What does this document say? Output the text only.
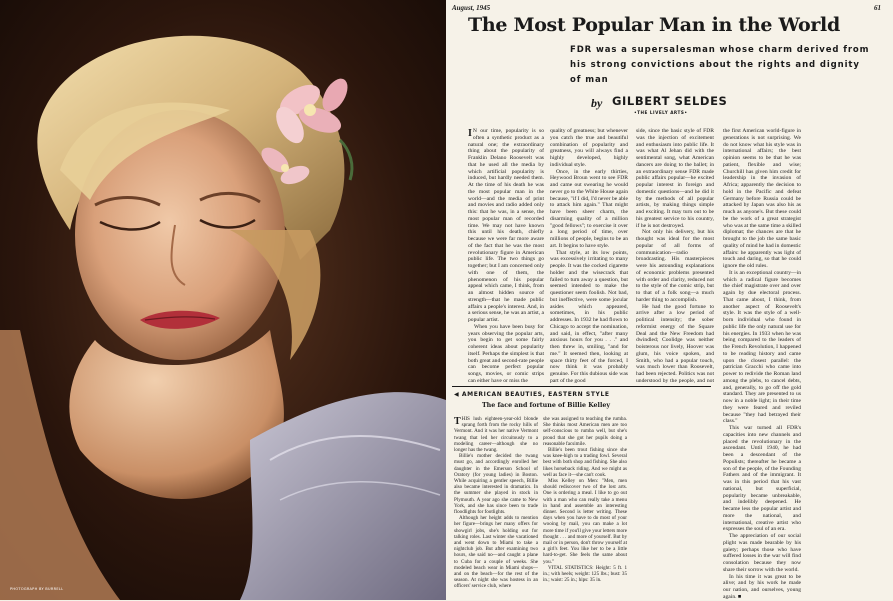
PHOTOGRAPH BY BURRELL
August, 1945	61
The Most Popular Man in the World
FDR was a supersalesman whose charm derived from his strong convictions about the rights and dignity of man
by GILBERT SELDES
•THE LIVELY ARTS•

I N our time, popularity is so often a synthetic product as a natural one; the extraordinary thing about the popularity of Franklin Delano Roosevelt was that he used all the media by which artificial popularity is induced, but hardly needed them. At the time of his death he was the most popular man in the world—and the media of print and movies and radio added only this: that he was, in a sense, the most popular man of recorded time. We may not have known this until his death, chiefly because we were far more aware of the fact that he was the most revolutionary figure in American public life. The two things go together; but I am concerned only with one of them, the phenomenon of his popular appeal which came, I think, from an almost hidden source of strength—that he made public affairs a people's interest. And, in a serious sense, he was an artist, a popular artist.

When you have been busy for years observing the popular arts, you begin to get some fairly coherent ideas about popularity itself. Perhaps the simplest is that both great and second-rate people can become perfect popular songs, movies, or comic strips can either have or miss the

quality of greatness; but whenever you catch the true and beautiful combination of popularity and greatness, you will always find a highly developed, highly individual style.

Once, in the early thirties, Heywood Broun went to see FDR and came out swearing he would never go to the White House again because, "if I did, I'd never be able to attack him again." That might have been sheer charm, the disarming quality of a million "good fellows"; to exercise it over a long period of time, over millions of people, begins to be an art. It begins to have style.

That style, at its low points, was excessively irritating to many people. It was the cocked cigarette holder and the wisecrack that failed to turn away a question, but seemed intended to make the questioner seem foolish. Not bad, but ineffective, were some jocular asides which appeared, sometimes, in his public addresses. In 1932 he had flown to Chicago to accept the nomination, and said, in effect, "after many anxious hours for you . . ." and then threw in, smiling, "and for me." It seemed then, looking at space thirty feet of the forced, I now think it was probably genuine. For this dubious side was part of the good

side, since the basic style of FDR was the injection of excitement and enthusiasm into public life. It was what Al Jehan did with the sentimental song, what American dancers are doing to the ballet; in an extraordinary sense FDR made public affairs popular—he excited popular interest in foreign and domestic questions—and he did it by the methods of all popular artists, by making things simple and exciting. It may turn out to be his greatest service to his country, if he is not destroyed.

Not only his delivery, but his thought was ideal for the most popular of all forms of communication—radio broadcasting. His masterpieces were his astounding explanations of economic problems presented with order and clarity, reduced not to the style of the comic strip, but to that of a folk song—a much harder thing to accomplish.

He had the good fortune to arrive after a low period of political intensity; the sober reformist energy of the Square Deal and the New Freedom had dwindled; Coolidge was neither boisterous nor lively, Hoover was glum, his voice spoken, and Smith, who had a popular touch, was much lower than Roosevelt, had been rejected. Politics was not understood by the people, and not

the first American world-figure in generations is not surprising. We do not know what his style was in international affairs; the best opinion seems to be that he was patient, flexible and wise; Churchill has given him credit for leadership in the invasion of Africa; apparently the decision to hold in the Pacific and defeat Germany before Russia could be attacked by Japan was also his as much as anyone's. But these could be the work of a great strategist who was at the same time a skilled diplomat; the chances are that he brought to the job the same basic quality of mind he had in domestic affairs: he apparently was light of touch and daring, so that he could ignore the old rules.

It is an exceptional country—in which a radical figure becomes the chief magistrate over and over again by due electoral process. That came about, I think, from another aspect of Roosevelt's style. It was the style of a well-born individual who found in public life the only natural use for his energies. In 1933 when he was being compared to the leaders of the French Revolution, I happened to be reading history and came upon the closest parallel: the patrician Gracchi who came into power to redivide the Roman land among the plebs, to cancel debts, and, generally, to go off the gold standard. They are presented to us now in a noble light; in their time they were feared and reviled because "they had betrayed their class."

This war turned all FDR's capacities into new channels and placed the revolutionary in the ascendant. Until 1940, he had been a descendant of the Populists; thereafter he became a son of the people, of the Founding Fathers and of the immigrant. It was in this period that his vast national, but superficial, popularity became unbreakable, and indelibly deepened. He became less the popular artist and more the national, and international, creative artist who expresses the soul of an era.

The appreciation of our social plight was made bearable by his gaiety; perhaps those who have suffered losses in the war will find consolation because they now share their sorrow with the world.

In his time it was great to be alive; and by his work he made our nation, and ourselves, young again. ■

◀ AMERICAN BEAUTIES, EASTERN STYLE
The face and fortune of Billie Kelley

THIS lush eighteen-year-old blonde sprang forth from the rocky hills of Vermont. And it was her native Vermont twang that led her circuitously to a modeling career—although she no longer has the twang.

Billie's mother decided the twang must go, and accordingly enrolled her daughter in the Emerson School of Oratory (for young ladies) in Boston. While acquiring a gentler speech, Billie also became interested in dramatics. In the summer she played in stock in Plymouth. A year ago she came to New York, and she has since been to trade floodlights for footlights.

Although her height adds to mention her figure—brings her many offers for showgirl jobs, she's holding out for talking roles. Last winter she vacationed and went down to Miami to take a nightclub job. But after examining two hours, she said no—and caught a plane to Cuba for a couple of weeks. She modeled beach wear in Miami shops—and on the beach—for the rest of the season. At night she was hostess in an officers' service club, where

she was assigned to teaching the rumba. She thinks most American men are too self-conscious to rumba well, but she's proud that she got her pupils doing a reasonable facsimile.

Billie's been trout fishing since she was knee-high to a trading fowl. Several best with both shop and fishing. She also likes horseback riding. And we might as well as face it—she can't cook.

Miss Kelley on Men: "Men, men should rediscover two of the lost arts. One is ordering a meal. I like to go out with a man who can really take a menu in hand and assemble an interesting dinner. Second is letter writing. These days when you have to do most of your wooing by mail, you can make a lot more time if you'll give your letters more thought . . . and more of yourself. But by mail or in person, don't throw yourself at a girl's feet. You like her to be a little hard-to-get. She feels the same about you."

VITAL STATISTICS: Height: 5 ft. 1 in.; with heels; weight: 125 lbs.; bust: 35 in.; waist: 25 in.; hips: 35 in.
